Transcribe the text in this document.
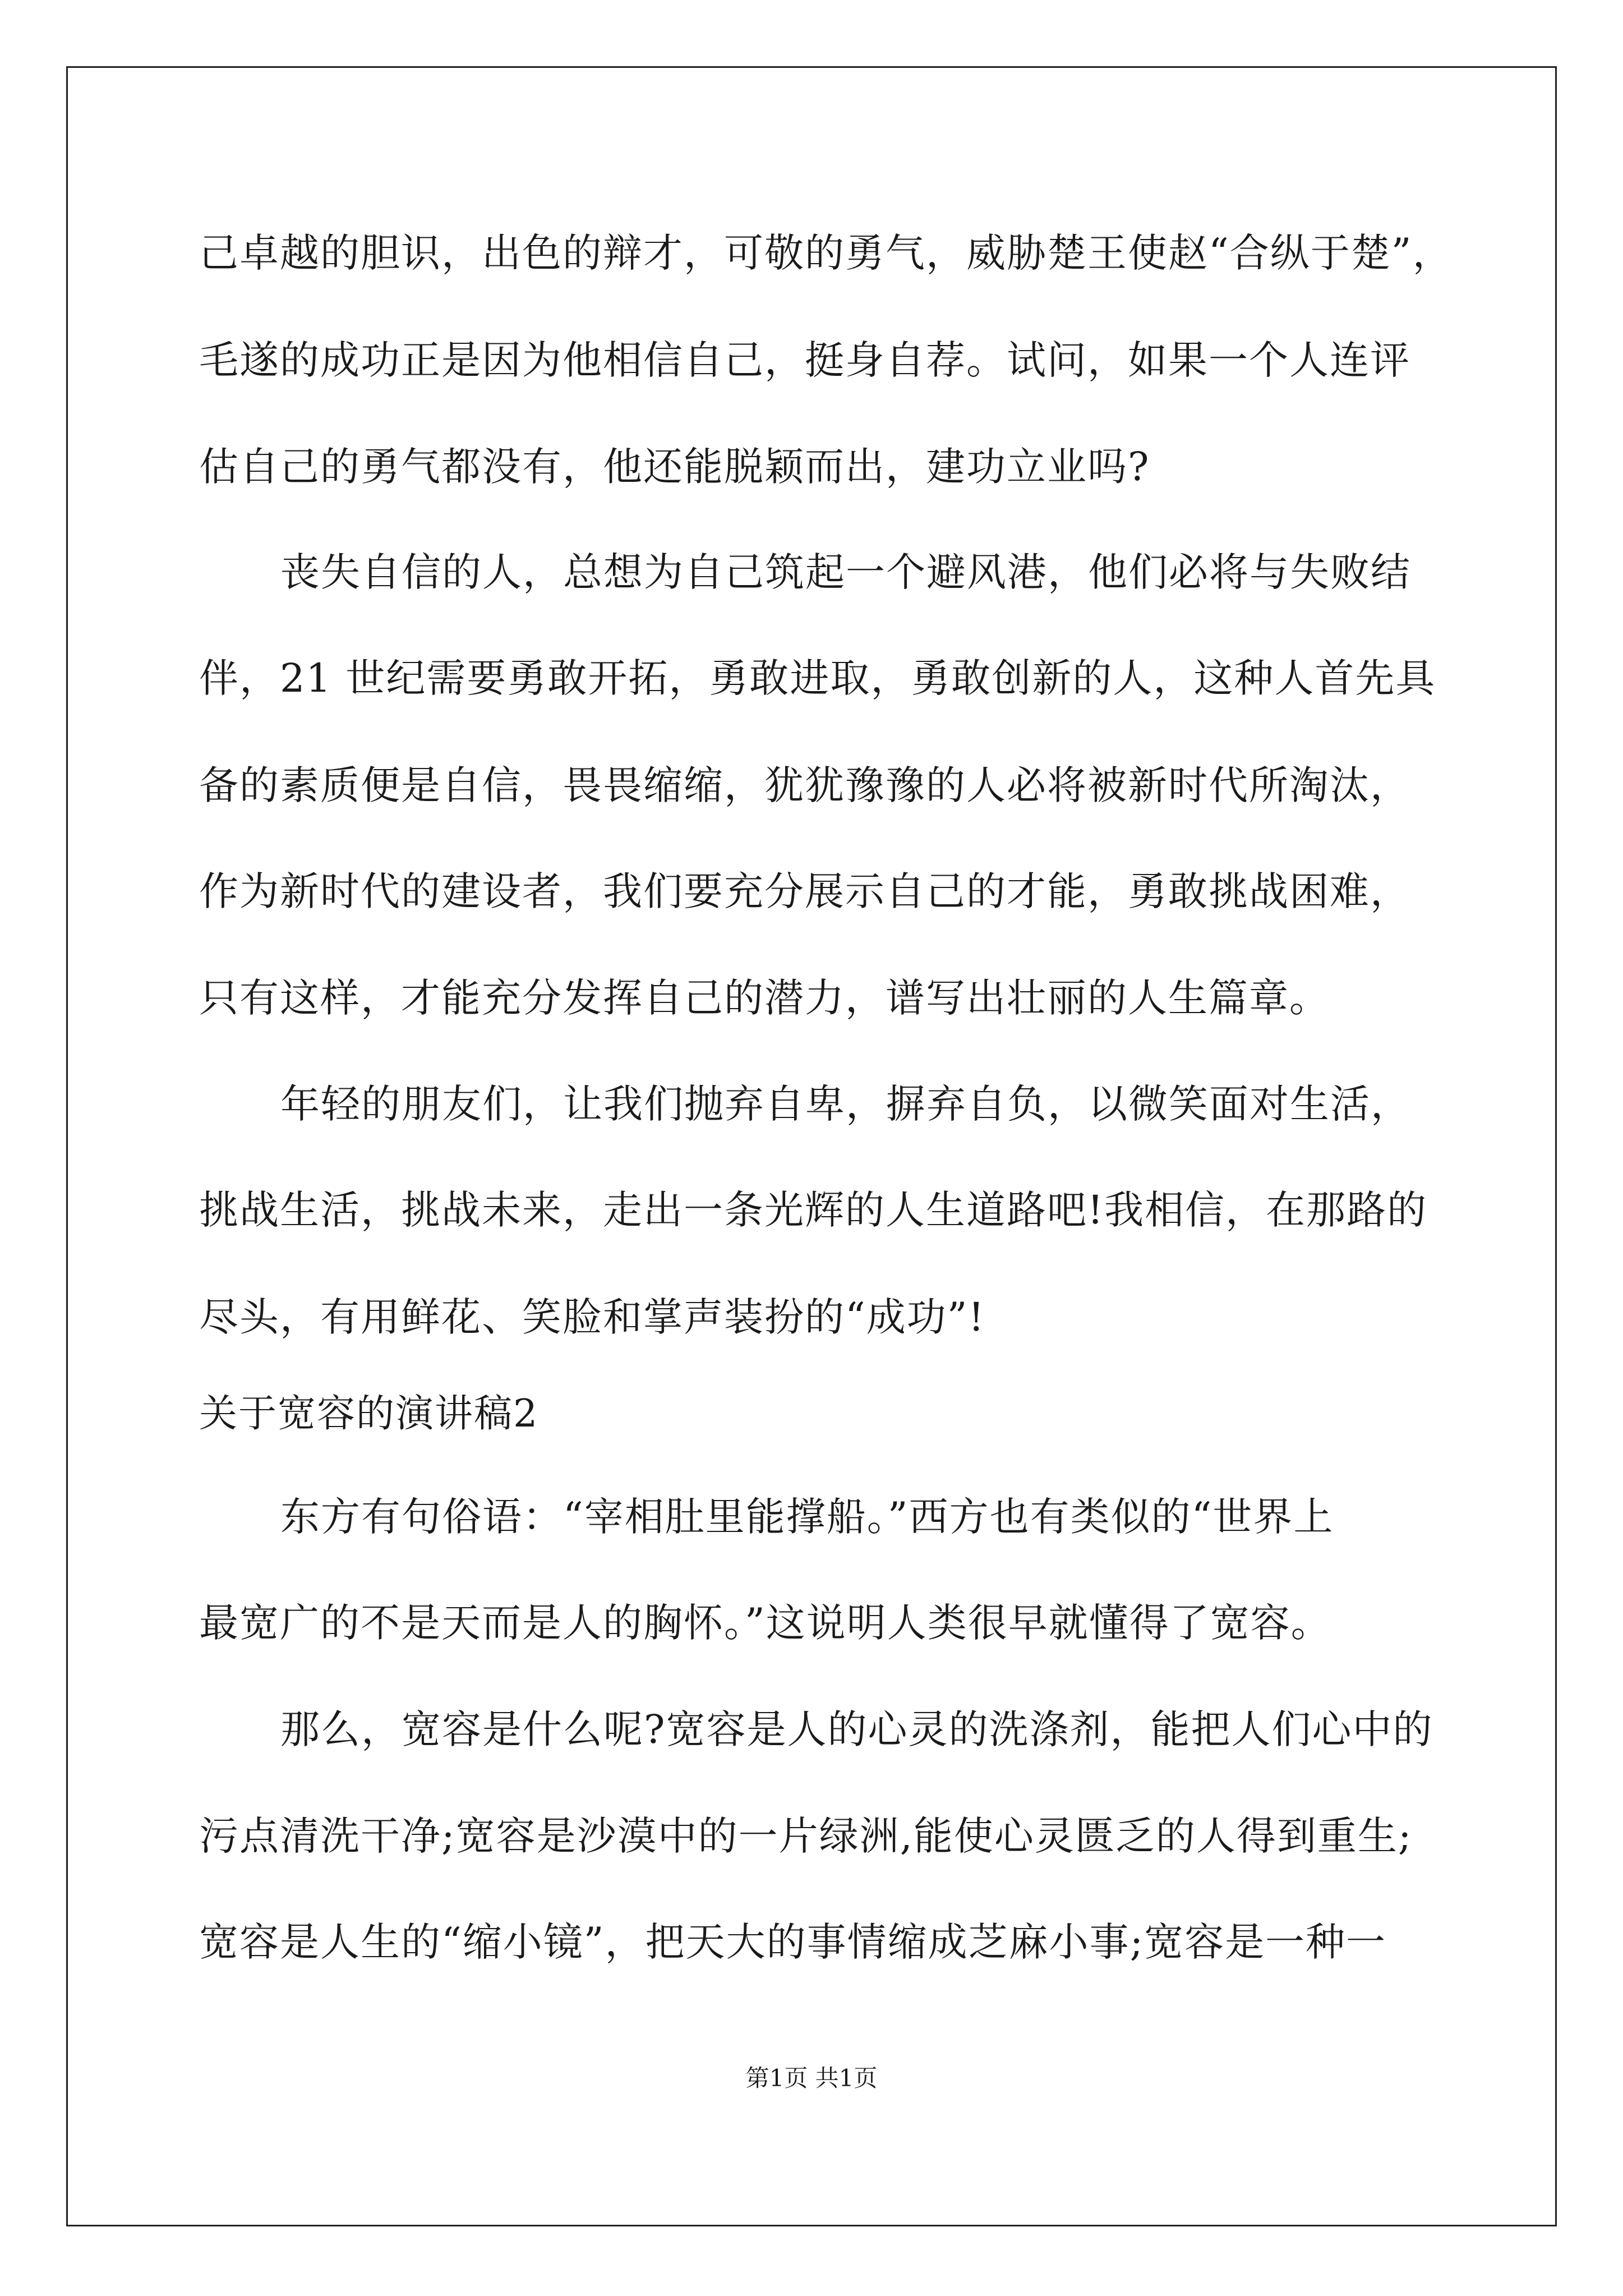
己卓越的胆识，出色的辩才，可敬的勇气，威胁楚王使赵“合纵于楚”，
毛遂的成功正是因为他相信自己，挺身自荐。试问，如果一个人连评
估自己的勇气都没有，他还能脱颖而出，建功立业吗?
丧失自信的人，总想为自己筑起一个避风港，他们必将与失败结
伴，21 世纪需要勇敢开拓，勇敢进取，勇敢创新的人，这种人首先具
备的素质便是自信，畏畏缩缩，犹犹豫豫的人必将被新时代所淘汰，
作为新时代的建设者，我们要充分展示自己的才能，勇敢挑战困难，
只有这样，才能充分发挥自己的潜力，谱写出壮丽的人生篇章。
年轻的朋友们，让我们抛弃自卑，摒弃自负，以微笑面对生活，
挑战生活，挑战未来，走出一条光辉的人生道路吧!我相信，在那路的
尽头，有用鲜花、笑脸和掌声装扮的“成功”!
关于宽容的演讲稿2
东方有句俗语：“宰相肚里能撑船。”西方也有类似的“世界上
最宽广的不是天而是人的胸怀。”这说明人类很早就懂得了宽容。
那么，宽容是什么呢?宽容是人的心灵的洗涤剂，能把人们心中的
污点清洗干净;宽容是沙漠中的一片绿洲,能使心灵匮乏的人得到重生;
宽容是人生的“缩小镜”，把天大的事情缩成芝麻小事;宽容是一种一
第1页 共1页
